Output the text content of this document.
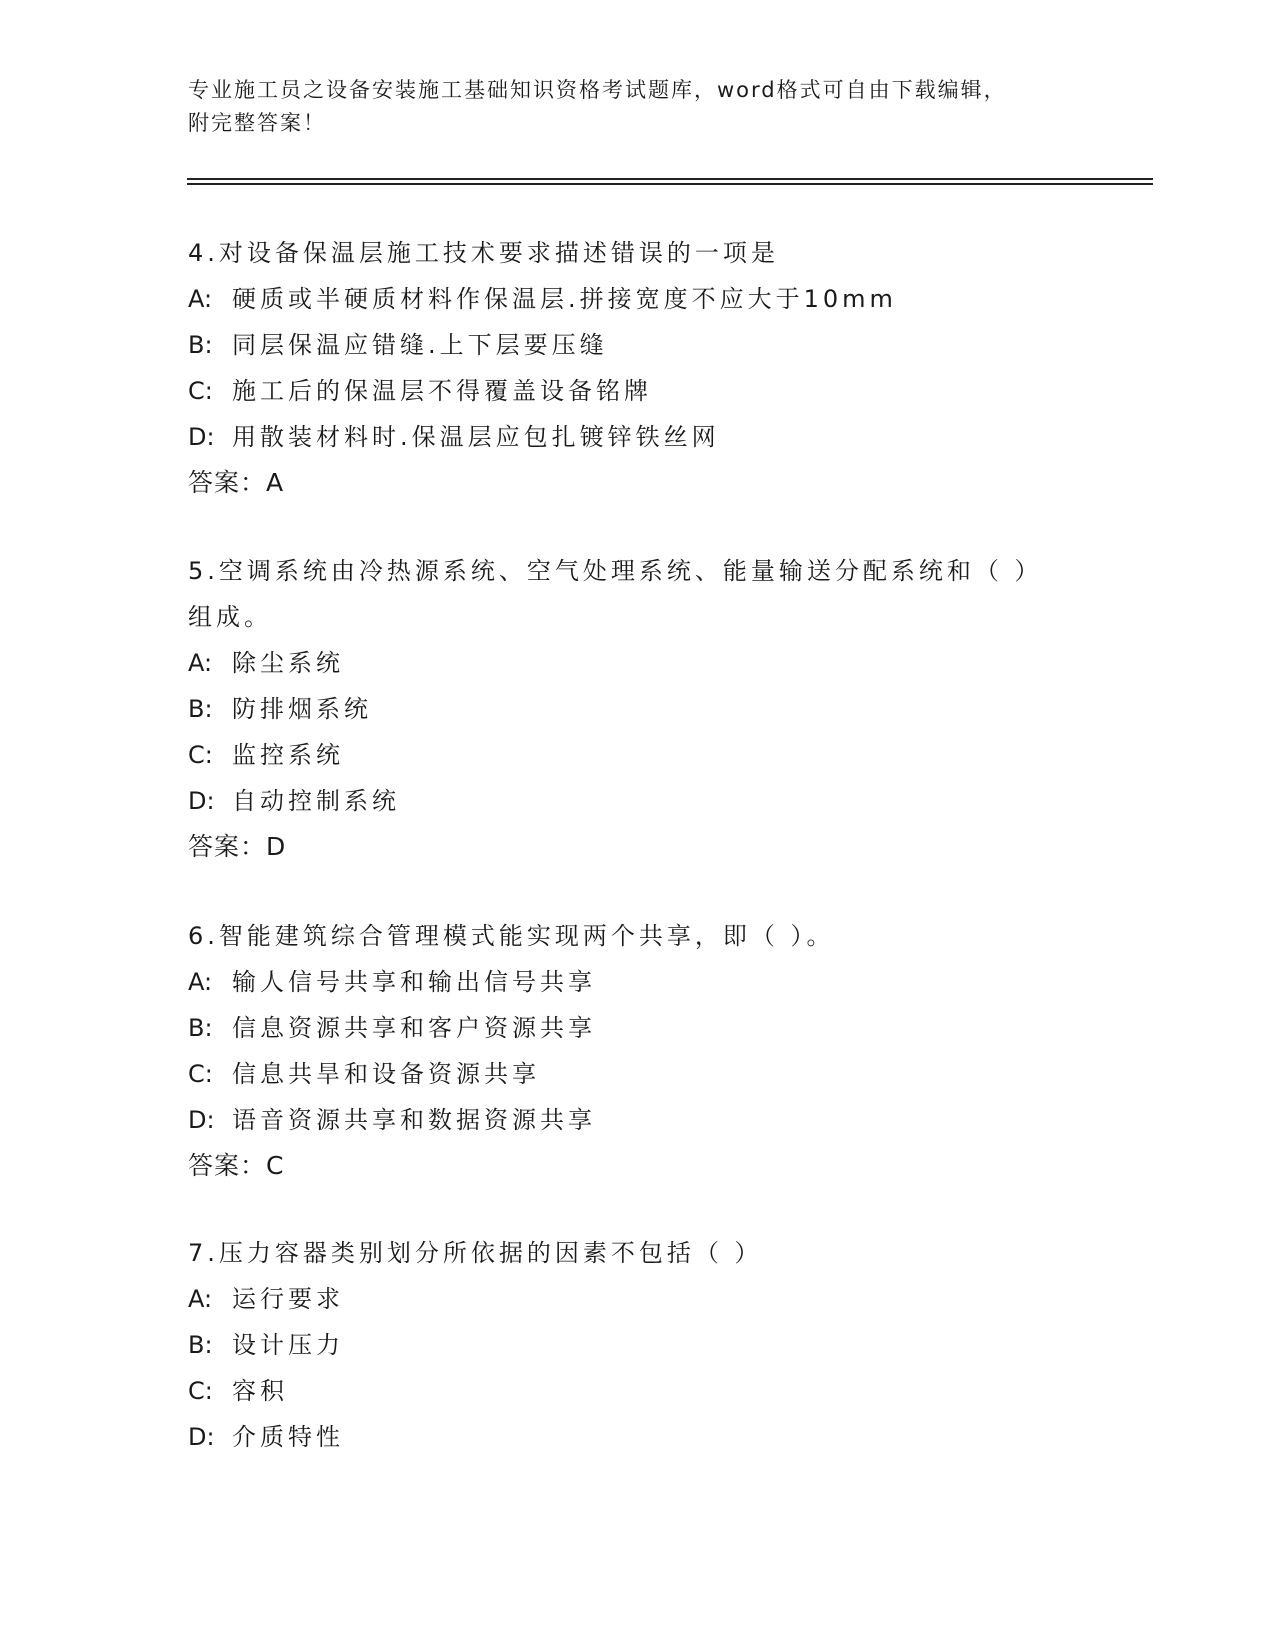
专业施工员之设备安装施工基础知识资格考试题库，word格式可自由下载编辑，
附完整答案！

4.对设备保温层施工技术要求描述错误的一项是

A: 硬质或半硬质材料作保温层.拼接宽度不应大于10mm

B: 同层保温应错缝.上下层要压缝

C: 施工后的保温层不得覆盖设备铭牌

D: 用散装材料时.保温层应包扎镀锌铁丝网

答案：A

5.空调系统由冷热源系统、空气处理系统、能量输送分配系统和（ ）组成。

A: 除尘系统

B: 防排烟系统

C: 监控系统

D: 自动控制系统

答案：D

6.智能建筑综合管理模式能实现两个共享，即（ ）。

A: 输人信号共享和输出信号共享

B: 信息资源共享和客户资源共享

C: 信息共旱和设备资源共享

D: 语音资源共享和数据资源共享

答案：C

7.压力容器类别划分所依据的因素不包括（ ）

A: 运行要求

B: 设计压力

C: 容积

D: 介质特性
